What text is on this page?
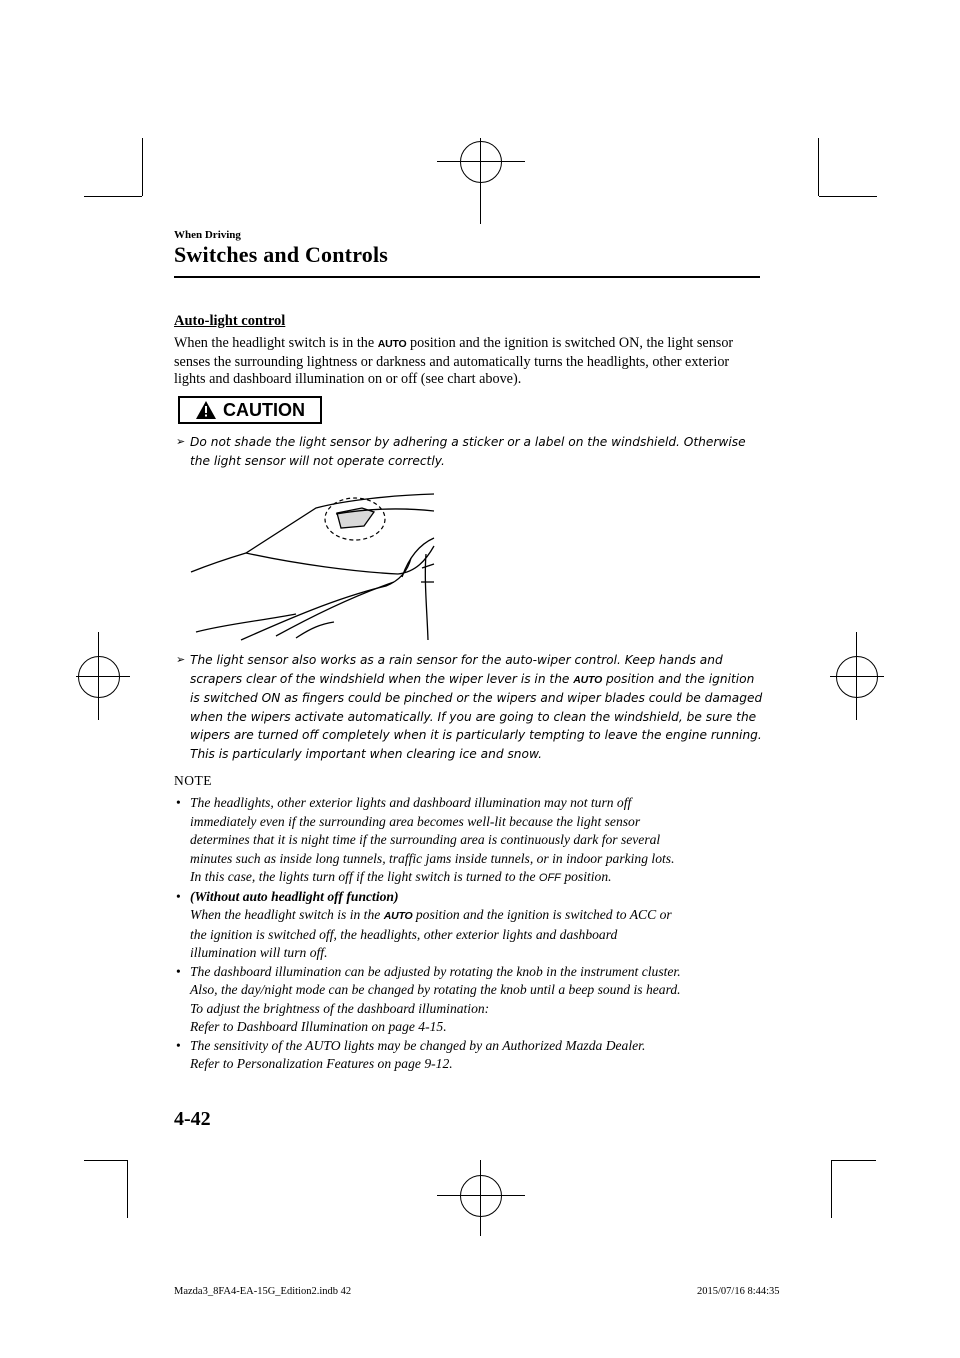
When Driving
Switches and Controls
Auto-light control
When the headlight switch is in the AUTO position and the ignition is switched ON, the light sensor senses the surrounding lightness or darkness and automatically turns the headlights, other exterior lights and dashboard illumination on or off (see chart above).
CAUTION
➢ Do not shade the light sensor by adhering a sticker or a label on the windshield. Otherwise the light sensor will not operate correctly.
➢ The light sensor also works as a rain sensor for the auto-wiper control. Keep hands and scrapers clear of the windshield when the wiper lever is in the AUTO position and the ignition is switched ON as fingers could be pinched or the wipers and wiper blades could be damaged when the wipers activate automatically. If you are going to clean the windshield, be sure the wipers are turned off completely when it is particularly tempting to leave the engine running. This is particularly important when clearing ice and snow.
NOTE
• The headlights, other exterior lights and dashboard illumination may not turn off
immediately even if the surrounding area becomes well-lit because the light sensor
determines that it is night time if the surrounding area is continuously dark for several
minutes such as inside long tunnels, traffic jams inside tunnels, or in indoor parking lots.
In this case, the lights turn off if the light switch is turned to the OFF position.
• (Without auto headlight off function)
When the headlight switch is in the AUTO position and the ignition is switched to ACC or
the ignition is switched off, the headlights, other exterior lights and dashboard
illumination will turn off.
• The dashboard illumination can be adjusted by rotating the knob in the instrument cluster.
Also, the day/night mode can be changed by rotating the knob until a beep sound is heard.
To adjust the brightness of the dashboard illumination:
Refer to Dashboard Illumination on page 4-15.
• The sensitivity of the AUTO lights may be changed by an Authorized Mazda Dealer.
Refer to Personalization Features on page 9-12.
4-42
Mazda3_8FA4-EA-15G_Edition2.indb 42	2015/07/16 8:44:35
